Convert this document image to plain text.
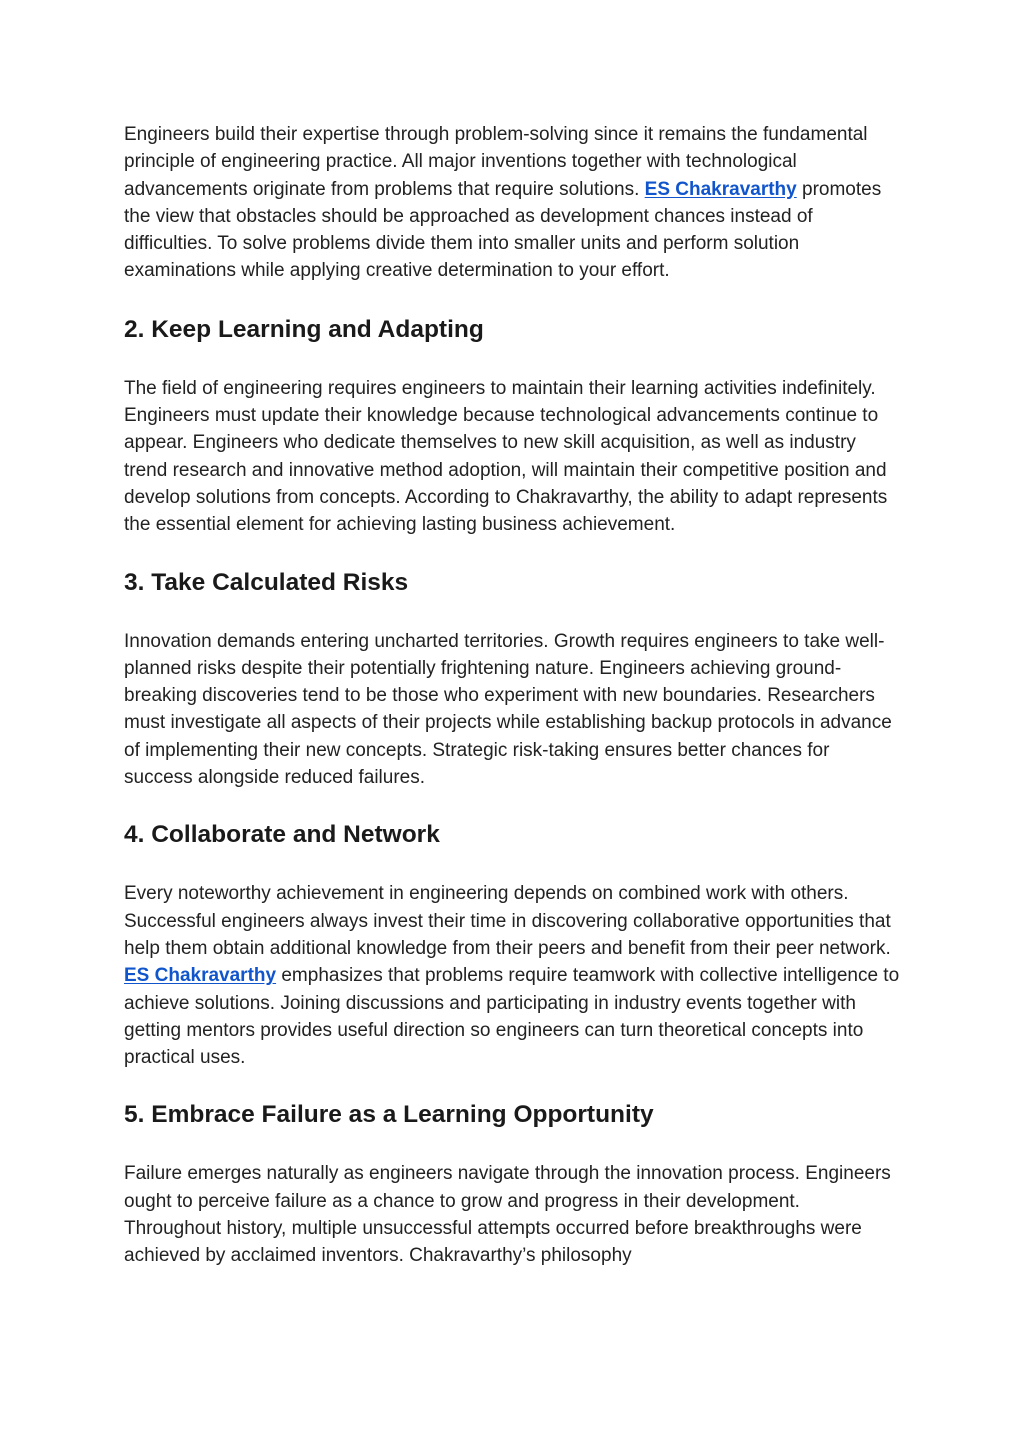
Engineers build their expertise through problem-solving since it remains the fundamental principle of engineering practice. All major inventions together with technological advancements originate from problems that require solutions. ES Chakravarthy promotes the view that obstacles should be approached as development chances instead of difficulties. To solve problems divide them into smaller units and perform solution examinations while applying creative determination to your effort.

2. Keep Learning and Adapting

The field of engineering requires engineers to maintain their learning activities indefinitely. Engineers must update their knowledge because technological advancements continue to appear. Engineers who dedicate themselves to new skill acquisition, as well as industry trend research and innovative method adoption, will maintain their competitive position and develop solutions from concepts. According to Chakravarthy, the ability to adapt represents the essential element for achieving lasting business achievement.

3. Take Calculated Risks

Innovation demands entering uncharted territories. Growth requires engineers to take well-planned risks despite their potentially frightening nature. Engineers achieving ground-breaking discoveries tend to be those who experiment with new boundaries. Researchers must investigate all aspects of their projects while establishing backup protocols in advance of implementing their new concepts. Strategic risk-taking ensures better chances for success alongside reduced failures.

4. Collaborate and Network

Every noteworthy achievement in engineering depends on combined work with others. Successful engineers always invest their time in discovering collaborative opportunities that help them obtain additional knowledge from their peers and benefit from their peer network. ES Chakravarthy emphasizes that problems require teamwork with collective intelligence to achieve solutions. Joining discussions and participating in industry events together with getting mentors provides useful direction so engineers can turn theoretical concepts into practical uses.

5. Embrace Failure as a Learning Opportunity

Failure emerges naturally as engineers navigate through the innovation process. Engineers ought to perceive failure as a chance to grow and progress in their development. Throughout history, multiple unsuccessful attempts occurred before breakthroughs were achieved by acclaimed inventors. Chakravarthy’s philosophy
